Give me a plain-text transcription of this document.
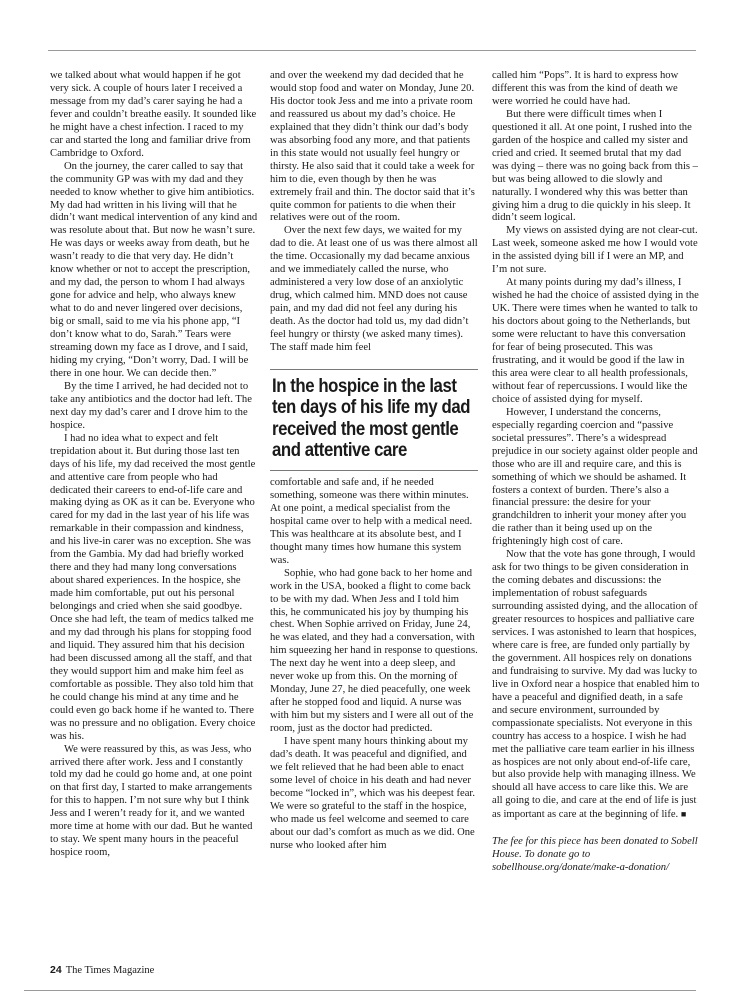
we talked about what would happen if he got very sick. A couple of hours later I received a message from my dad’s carer saying he had a fever and couldn’t breathe easily. It sounded like he might have a chest infection. I raced to my car and started the long and familiar drive from Cambridge to Oxford.

On the journey, the carer called to say that the community GP was with my dad and they needed to know whether to give him antibiotics. My dad had written in his living will that he didn’t want medical intervention of any kind and was resolute about that. But now he wasn’t sure. He was days or weeks away from death, but he wasn’t ready to die that very day. He didn’t know whether or not to accept the prescription, and my dad, the person to whom I had always gone for advice and help, who always knew what to do and never lingered over decisions, big or small, said to me via his phone app, “I don’t know what to do, Sarah.” Tears were streaming down my face as I drove, and I said, hiding my crying, “Don’t worry, Dad. I will be there in one hour. We can decide then.”

By the time I arrived, he had decided not to take any antibiotics and the doctor had left. The next day my dad’s carer and I drove him to the hospice.

I had no idea what to expect and felt trepidation about it. But during those last ten days of his life, my dad received the most gentle and attentive care from people who had dedicated their careers to end-of-life care and making dying as OK as it can be. Everyone who cared for my dad in the last year of his life was remarkable in their compassion and kindness, and his live-in carer was no exception. She was from the Gambia. My dad had briefly worked there and they had many long conversations about shared experiences. In the hospice, she made him comfortable, put out his personal belongings and cried when she said goodbye. Once she had left, the team of medics talked me and my dad through his plans for stopping food and liquid. They assured him that his decision had been discussed among all the staff, and that they would support him and make him feel as comfortable as possible. They also told him that he could change his mind at any time and he could even go back home if he wanted to. There was no pressure and no obligation. Every choice was his.

We were reassured by this, as was Jess, who arrived there after work. Jess and I constantly told my dad he could go home and, at one point on that first day, I started to make arrangements for this to happen. I’m not sure why but I think Jess and I weren’t ready for it, and we wanted more time at home with our dad. But he wanted to stay. We spent many hours in the peaceful hospice room,

and over the weekend my dad decided that he would stop food and water on Monday, June 20. His doctor took Jess and me into a private room and reassured us about my dad’s choice. He explained that they didn’t think our dad’s body was absorbing food any more, and that patients in this state would not usually feel hungry or thirsty. He also said that it could take a week for him to die, even though by then he was extremely frail and thin. The doctor said that it’s quite common for patients to die when their relatives were out of the room.

Over the next few days, we waited for my dad to die. At least one of us was there almost all the time. Occasionally my dad became anxious and we immediately called the nurse, who administered a very low dose of an anxiolytic drug, which calmed him. MND does not cause pain, and my dad did not feel any during his death. As the doctor had told us, my dad didn’t feel hungry or thirsty (we asked many times). The staff made him feel

In the hospice in the last ten days of his life my dad received the most gentle and attentive care

comfortable and safe and, if he needed something, someone was there within minutes. At one point, a medical specialist from the hospital came over to help with a medical need. This was healthcare at its absolute best, and I thought many times how humane this system was.

Sophie, who had gone back to her home and work in the USA, booked a flight to come back to be with my dad. When Jess and I told him this, he communicated his joy by thumping his chest. When Sophie arrived on Friday, June 24, he was elated, and they had a conversation, with him squeezing her hand in response to questions. The next day he went into a deep sleep, and never woke up from this. On the morning of Monday, June 27, he died peacefully, one week after he stopped food and liquid. A nurse was with him but my sisters and I were all out of the room, just as the doctor had predicted.

I have spent many hours thinking about my dad’s death. It was peaceful and dignified, and we felt relieved that he had been able to enact some level of choice in his death and had never become “locked in”, which was his deepest fear. We were so grateful to the staff in the hospice, who made us feel welcome and seemed to care about our dad’s comfort as much as we did. One nurse who looked after him

called him “Pops”. It is hard to express how different this was from the kind of death we were worried he could have had.

But there were difficult times when I questioned it all. At one point, I rushed into the garden of the hospice and called my sister and cried and cried. It seemed brutal that my dad was dying – there was no going back from this – but was being allowed to die slowly and naturally. I wondered why this was better than giving him a drug to die quickly in his sleep. It didn’t seem logical.

My views on assisted dying are not clear-cut. Last week, someone asked me how I would vote in the assisted dying bill if I were an MP, and I’m not sure.

At many points during my dad’s illness, I wished he had the choice of assisted dying in the UK. There were times when he wanted to talk to his doctors about going to the Netherlands, but some were reluctant to have this conversation for fear of being prosecuted. This was frustrating, and it would be good if the law in this area were clear to all health professionals, without fear of repercussions. I would like the choice of assisted dying for myself.

However, I understand the concerns, especially regarding coercion and “passive societal pressures”. There’s a widespread prejudice in our society against older people and those who are ill and require care, and this is something of which we should be ashamed. It fosters a context of burden. There’s also a financial pressure: the desire for your grandchildren to inherit your money after you die rather than it being used up on the frighteningly high cost of care.

Now that the vote has gone through, I would ask for two things to be given consideration in the coming debates and discussions: the implementation of robust safeguards surrounding assisted dying, and the allocation of greater resources to hospices and palliative care services. I was astonished to learn that hospices, where care is free, are funded only partially by the government. All hospices rely on donations and fundraising to survive. My dad was lucky to live in Oxford near a hospice that enabled him to have a peaceful and dignified death, in a safe and secure environment, surrounded by compassionate specialists. Not everyone in this country has access to a hospice. I wish he had met the palliative care team earlier in his illness as hospices are not only about end-of-life care, but also provide help with managing illness. We should all have access to care like this. We are all going to die, and care at the end of life is just as important as care at the beginning of life. ■

The fee for this piece has been donated to Sobell House. To donate go to sobellhouse.org/donate/make-a-donation/

24 The Times Magazine
